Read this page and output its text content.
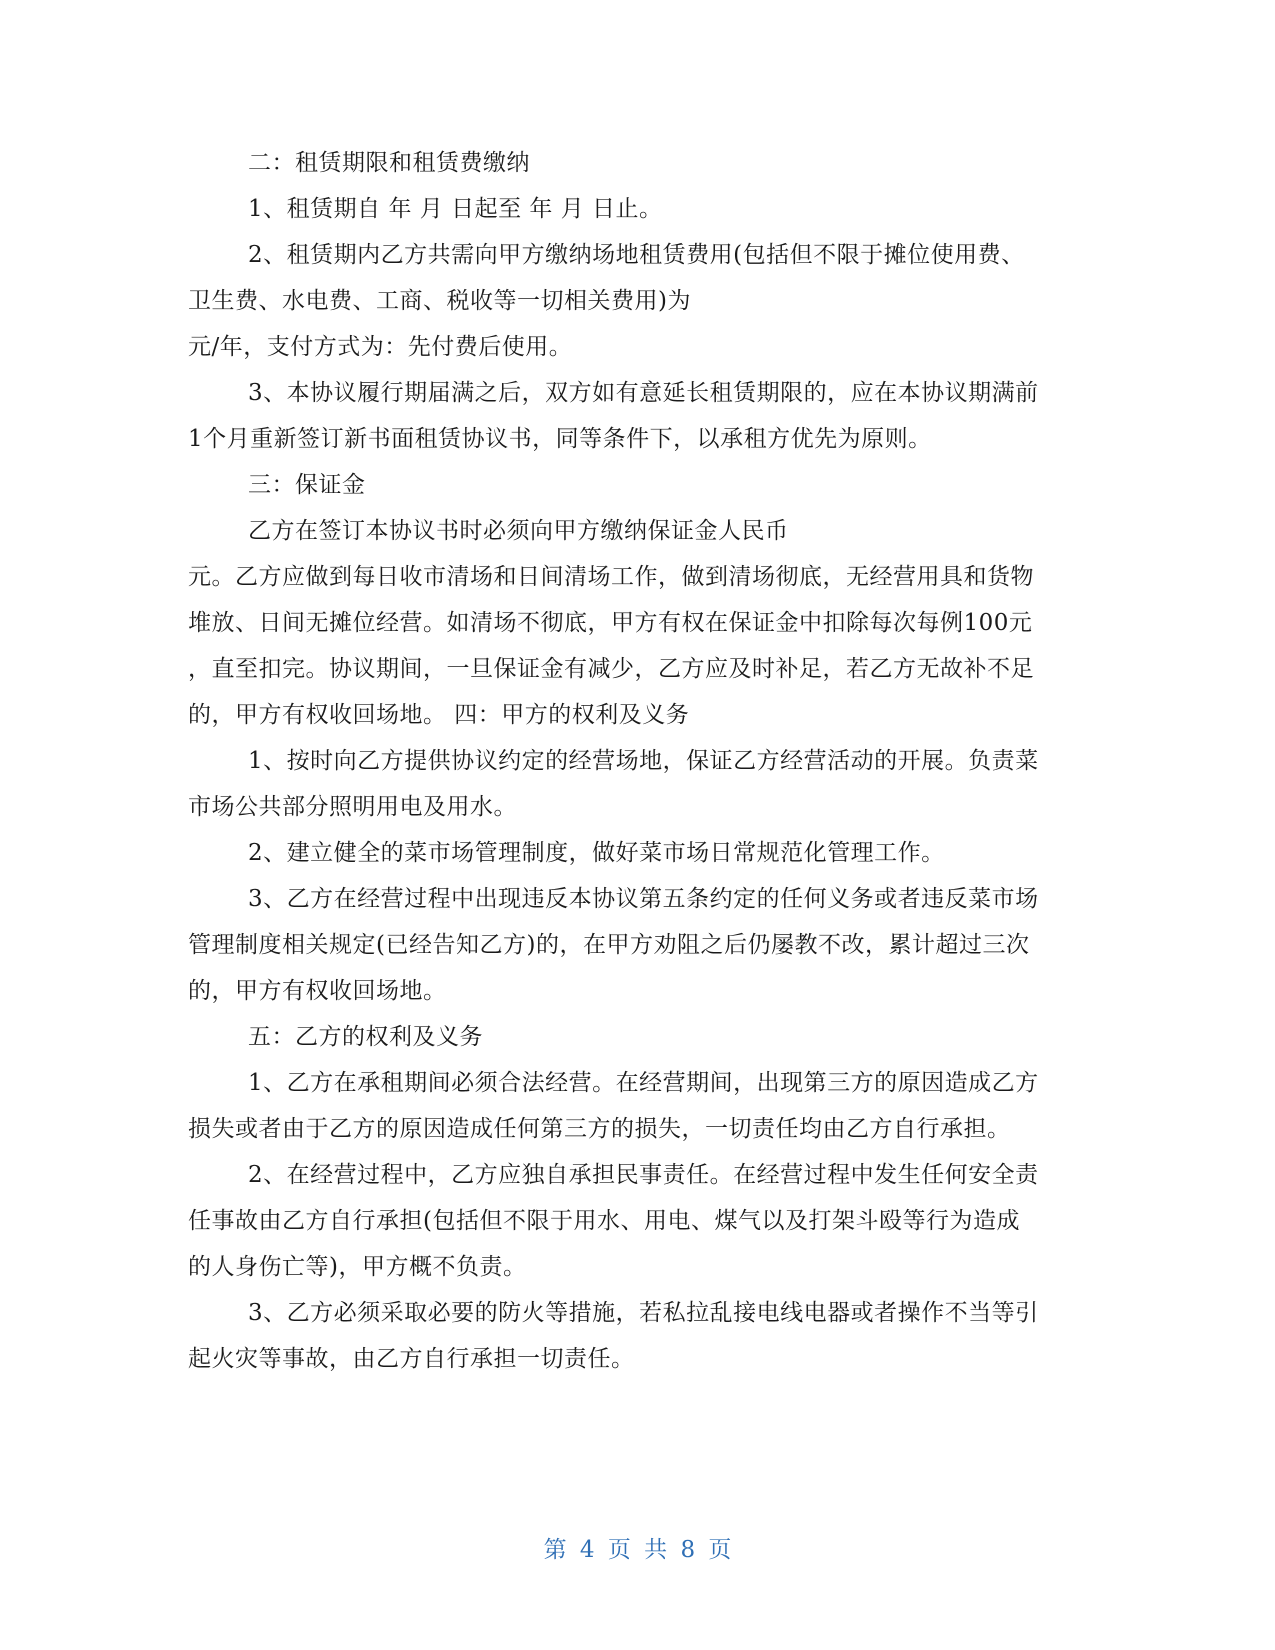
二：租赁期限和租赁费缴纳
1、租赁期自 年 月 日起至 年 月 日止。
2、租赁期内乙方共需向甲方缴纳场地租赁费用(包括但不限于摊位使用费、
卫生费、水电费、工商、税收等一切相关费用)为
元/年，支付方式为：先付费后使用。
3、本协议履行期届满之后，双方如有意延长租赁期限的，应在本协议期满前
1个月重新签订新书面租赁协议书，同等条件下，以承租方优先为原则。
三：保证金
乙方在签订本协议书时必须向甲方缴纳保证金人民币
元。乙方应做到每日收市清场和日间清场工作，做到清场彻底，无经营用具和货物
堆放、日间无摊位经营。如清场不彻底，甲方有权在保证金中扣除每次每例100元
，直至扣完。协议期间，一旦保证金有减少，乙方应及时补足，若乙方无故补不足
的，甲方有权收回场地。 四：甲方的权利及义务
1、按时向乙方提供协议约定的经营场地，保证乙方经营活动的开展。负责菜
市场公共部分照明用电及用水。
2、建立健全的菜市场管理制度，做好菜市场日常规范化管理工作。
3、乙方在经营过程中出现违反本协议第五条约定的任何义务或者违反菜市场
管理制度相关规定(已经告知乙方)的，在甲方劝阻之后仍屡教不改，累计超过三次
的，甲方有权收回场地。
五：乙方的权利及义务
1、乙方在承租期间必须合法经营。在经营期间，出现第三方的原因造成乙方
损失或者由于乙方的原因造成任何第三方的损失，一切责任均由乙方自行承担。
2、在经营过程中，乙方应独自承担民事责任。在经营过程中发生任何安全责
任事故由乙方自行承担(包括但不限于用水、用电、煤气以及打架斗殴等行为造成
的人身伤亡等)，甲方概不负责。
3、乙方必须采取必要的防火等措施，若私拉乱接电线电器或者操作不当等引
起火灾等事故，由乙方自行承担一切责任。
第 4 页 共 8 页
